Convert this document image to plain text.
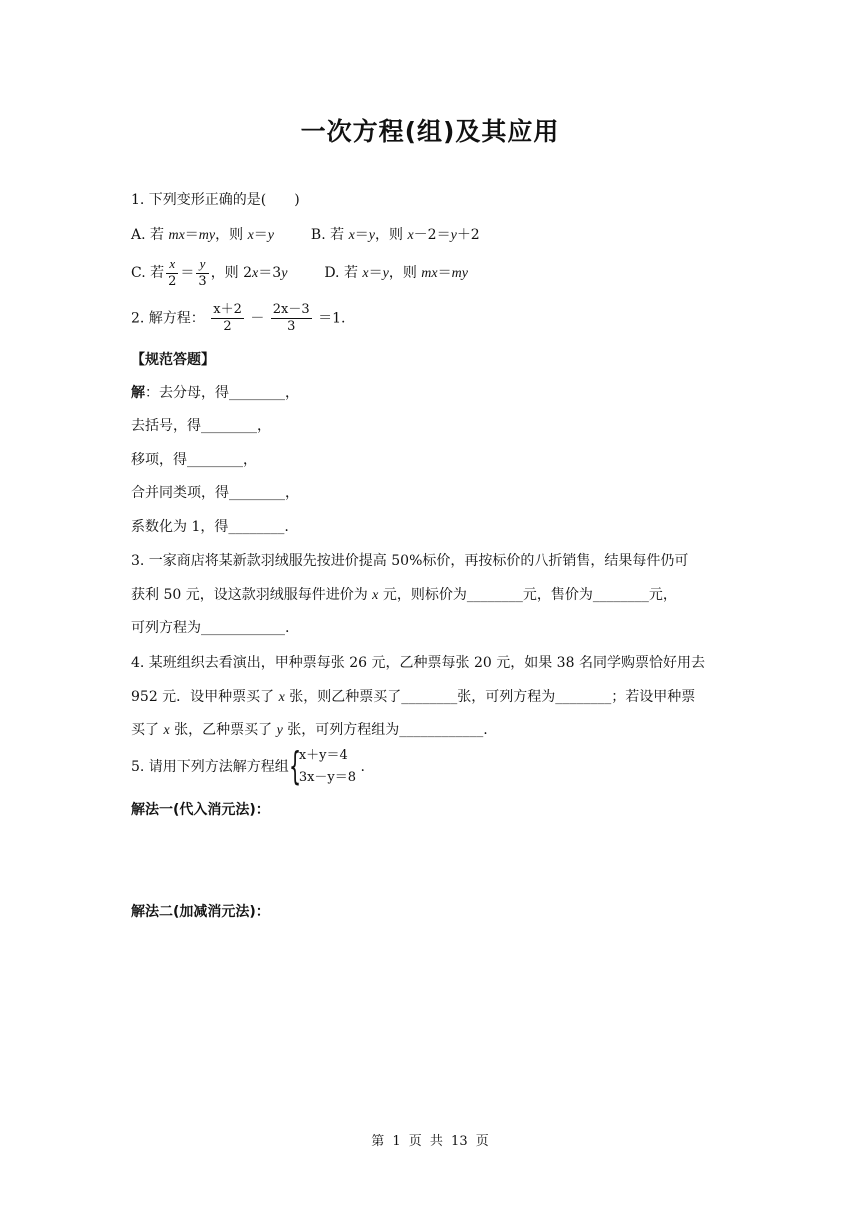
一次方程(组)及其应用
1. 下列变形正确的是(　　)
A. 若 mx＝my，则 x＝y	B. 若 x＝y，则 x－2＝y＋2
C. 若 $\frac{x}{2} = \frac{y}{3}$ ，则 2x＝3y	D. 若 x＝y，则 mx＝my
2. 解方程： $\frac{x+2}{2} - \frac{2x-3}{3} =1$.
【规范答题】
解：去分母，得________，
去括号，得________，
移项，得________，
合并同类项，得________，
系数化为 1，得________.
3. 一家商店将某新款羽绒服先按进价提高 50%标价，再按标价的八折销售，结果每件仍可
获利 50 元，设这款羽绒服每件进价为 x 元，则标价为________元，售价为________元，
可列方程为____________.
4. 某班组织去看演出，甲种票每张 26 元，乙种票每张 20 元，如果 38 名同学购票恰好用去
952 元．设甲种票买了 x 张，则乙种票买了________张，可列方程为________；若设甲种票
买了 x 张，乙种票买了 y 张，可列方程组为____________.
5. 请用下列方法解方程组 {
x＋y＝4
3x－y＝8
.
解法一(代入消元法)：
解法二(加减消元法)：
第 1 页 共 13 页
